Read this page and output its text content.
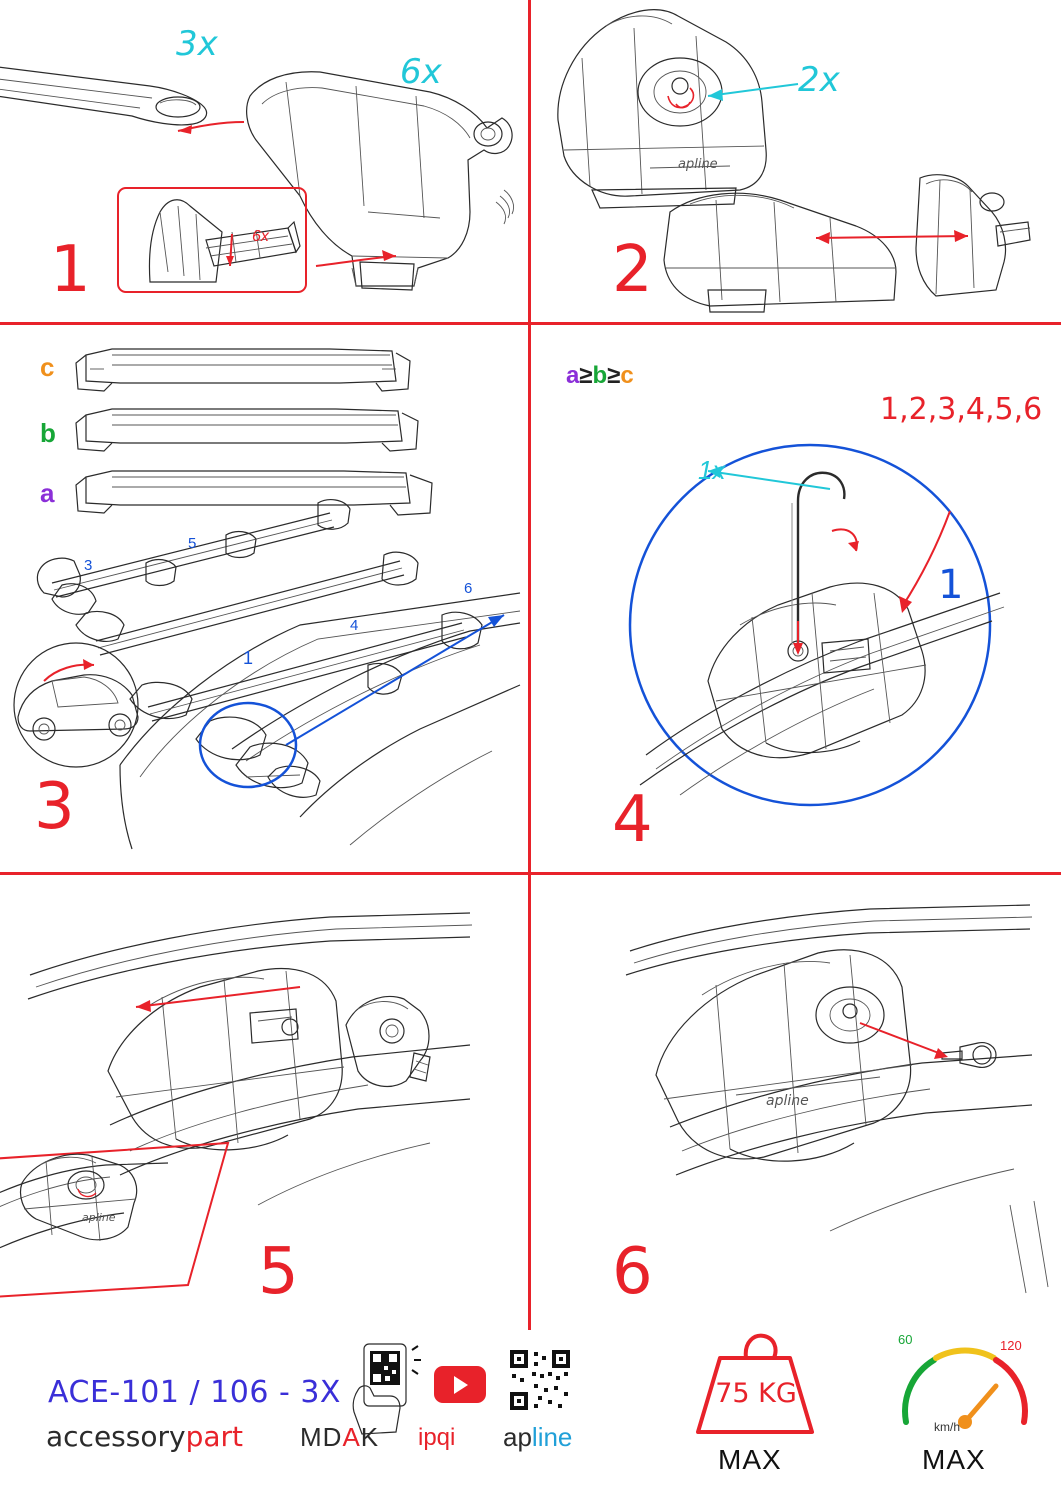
3x
6x
6x
1
apline
2x
2
c
b
a
a≥b≥c
3
5
4
6
1
3
1x
1,2,3,4,5,6
1
4
apline
5
apline
6
ACE-101 / 106 - 3X
accessorypart MDAK ipqi apline
75 KG
MAX
60	120
km/h
MAX
